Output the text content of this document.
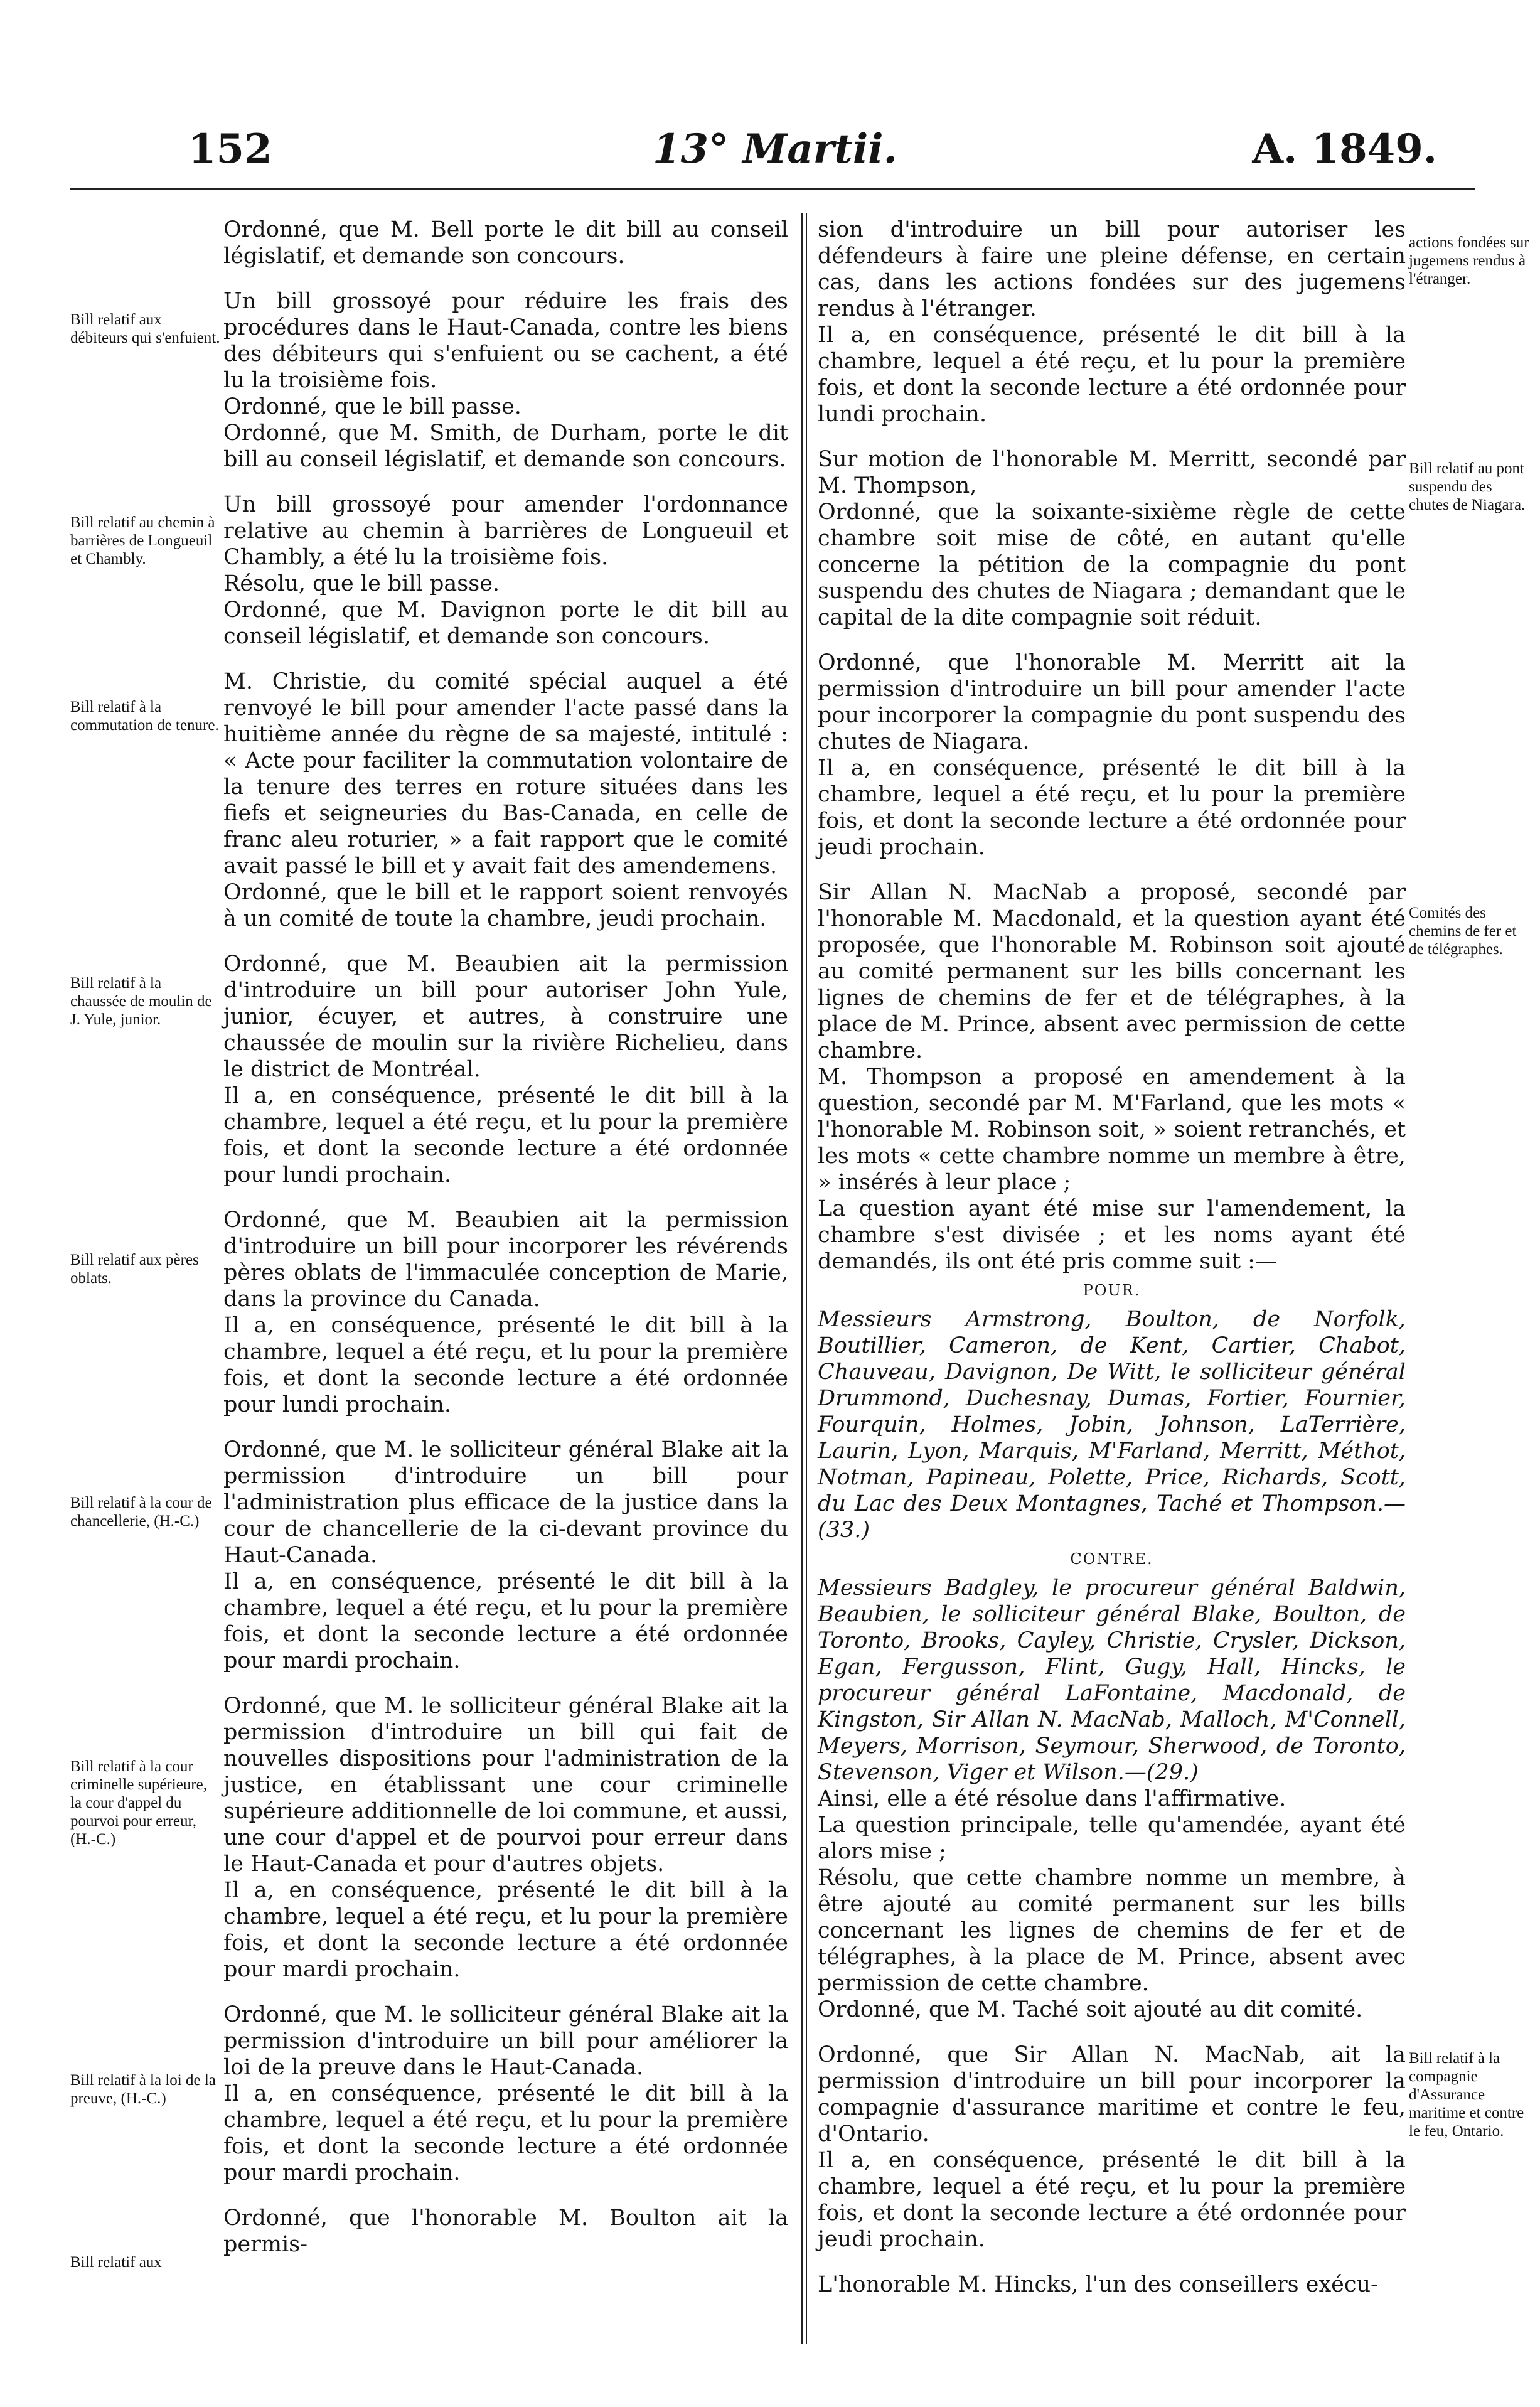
152	13° Martii.	A. 1849.
Bill relatif aux débiteurs qui s'enfuient.
Bill relatif au chemin à barrières de Longueuil et Chambly.
Bill relatif à la commutation de tenure.
Bill relatif à la chaussée de moulin de J. Yule, junior.
Bill relatif aux pères oblats.
Bill relatif à la cour de chancellerie, (H.-C.)
Bill relatif à la cour criminelle supérieure, la cour d'appel du pourvoi pour erreur, (H.-C.)
Bill relatif à la loi de la preuve, (H.-C.)
Bill relatif aux
actions fondées sur jugemens rendus à l'étranger.
Bill relatif au pont suspendu des chutes de Niagara.
Comités des chemins de fer et de télégraphes.
Bill relatif à la compagnie d'Assurance maritime et contre le feu, Ontario.

Ordonné, que M. Bell porte le dit bill au conseil législatif, et demande son concours.

Un bill grossoyé pour réduire les frais des procédures dans le Haut-Canada, contre les biens des débiteurs qui s'enfuient ou se cachent, a été lu la troisième fois.

Ordonné, que le bill passe.

Ordonné, que M. Smith, de Durham, porte le dit bill au conseil législatif, et demande son concours.

Un bill grossoyé pour amender l'ordonnance relative au chemin à barrières de Longueuil et Chambly, a été lu la troisième fois.

Résolu, que le bill passe.

Ordonné, que M. Davignon porte le dit bill au conseil législatif, et demande son concours.

M. Christie, du comité spécial auquel a été renvoyé le bill pour amender l'acte passé dans la huitième année du règne de sa majesté, intitulé : « Acte pour faciliter la commutation volontaire de la tenure des terres en roture situées dans les fiefs et seigneuries du Bas-Canada, en celle de franc aleu roturier, » a fait rapport que le comité avait passé le bill et y avait fait des amendemens.

Ordonné, que le bill et le rapport soient renvoyés à un comité de toute la chambre, jeudi prochain.

Ordonné, que M. Beaubien ait la permission d'introduire un bill pour autoriser John Yule, junior, écuyer, et autres, à construire une chaussée de moulin sur la rivière Richelieu, dans le district de Montréal.

Il a, en conséquence, présenté le dit bill à la chambre, lequel a été reçu, et lu pour la première fois, et dont la seconde lecture a été ordonnée pour lundi prochain.

Ordonné, que M. Beaubien ait la permission d'introduire un bill pour incorporer les révérends pères oblats de l'immaculée conception de Marie, dans la province du Canada.

Il a, en conséquence, présenté le dit bill à la chambre, lequel a été reçu, et lu pour la première fois, et dont la seconde lecture a été ordonnée pour lundi prochain.

Ordonné, que M. le solliciteur général Blake ait la permission d'introduire un bill pour l'administration plus efficace de la justice dans la cour de chancellerie de la ci-devant province du Haut-Canada.

Il a, en conséquence, présenté le dit bill à la chambre, lequel a été reçu, et lu pour la première fois, et dont la seconde lecture a été ordonnée pour mardi prochain.

Ordonné, que M. le solliciteur général Blake ait la permission d'introduire un bill qui fait de nouvelles dispositions pour l'administration de la justice, en établissant une cour criminelle supérieure additionnelle de loi commune, et aussi, une cour d'appel et de pourvoi pour erreur dans le Haut-Canada et pour d'autres objets.

Il a, en conséquence, présenté le dit bill à la chambre, lequel a été reçu, et lu pour la première fois, et dont la seconde lecture a été ordonnée pour mardi prochain.

Ordonné, que M. le solliciteur général Blake ait la permission d'introduire un bill pour améliorer la loi de la preuve dans le Haut-Canada.

Il a, en conséquence, présenté le dit bill à la chambre, lequel a été reçu, et lu pour la première fois, et dont la seconde lecture a été ordonnée pour mardi prochain.

Ordonné, que l'honorable M. Boulton ait la permis-

sion d'introduire un bill pour autoriser les défendeurs à faire une pleine défense, en certain cas, dans les actions fondées sur des jugemens rendus à l'étranger.

Il a, en conséquence, présenté le dit bill à la chambre, lequel a été reçu, et lu pour la première fois, et dont la seconde lecture a été ordonnée pour lundi prochain.

Sur motion de l'honorable M. Merritt, secondé par M. Thompson,

Ordonné, que la soixante-sixième règle de cette chambre soit mise de côté, en autant qu'elle concerne la pétition de la compagnie du pont suspendu des chutes de Niagara ; demandant que le capital de la dite compagnie soit réduit.

Ordonné, que l'honorable M. Merritt ait la permission d'introduire un bill pour amender l'acte pour incorporer la compagnie du pont suspendu des chutes de Niagara.

Il a, en conséquence, présenté le dit bill à la chambre, lequel a été reçu, et lu pour la première fois, et dont la seconde lecture a été ordonnée pour jeudi prochain.

Sir Allan N. MacNab a proposé, secondé par l'honorable M. Macdonald, et la question ayant été proposée, que l'honorable M. Robinson soit ajouté au comité permanent sur les bills concernant les lignes de chemins de fer et de télégraphes, à la place de M. Prince, absent avec permission de cette chambre.

M. Thompson a proposé en amendement à la question, secondé par M. M'Farland, que les mots « l'honorable M. Robinson soit, » soient retranchés, et les mots « cette chambre nomme un membre à être, » insérés à leur place ;

La question ayant été mise sur l'amendement, la chambre s'est divisée ; et les noms ayant été demandés, ils ont été pris comme suit :—

POUR.

Messieurs Armstrong, Boulton, de Norfolk, Boutillier, Cameron, de Kent, Cartier, Chabot, Chauveau, Davignon, De Witt, le solliciteur général Drummond, Duchesnay, Dumas, Fortier, Fournier, Fourquin, Holmes, Jobin, Johnson, LaTerrière, Laurin, Lyon, Marquis, M'Farland, Merritt, Méthot, Notman, Papineau, Polette, Price, Richards, Scott, du Lac des Deux Montagnes, Taché et Thompson.—(33.)

CONTRE.

Messieurs Badgley, le procureur général Baldwin, Beaubien, le solliciteur général Blake, Boulton, de Toronto, Brooks, Cayley, Christie, Crysler, Dickson, Egan, Fergusson, Flint, Gugy, Hall, Hincks, le procureur général LaFontaine, Macdonald, de Kingston, Sir Allan N. MacNab, Malloch, M'Connell, Meyers, Morrison, Seymour, Sherwood, de Toronto, Stevenson, Viger et Wilson.—(29.)

Ainsi, elle a été résolue dans l'affirmative.

La question principale, telle qu'amendée, ayant été alors mise ;

Résolu, que cette chambre nomme un membre, à être ajouté au comité permanent sur les bills concernant les lignes de chemins de fer et de télégraphes, à la place de M. Prince, absent avec permission de cette chambre.

Ordonné, que M. Taché soit ajouté au dit comité.

Ordonné, que Sir Allan N. MacNab, ait la permission d'introduire un bill pour incorporer la compagnie d'assurance maritime et contre le feu, d'Ontario.

Il a, en conséquence, présenté le dit bill à la chambre, lequel a été reçu, et lu pour la première fois, et dont la seconde lecture a été ordonnée pour jeudi prochain.

L'honorable M. Hincks, l'un des conseillers exécu-
